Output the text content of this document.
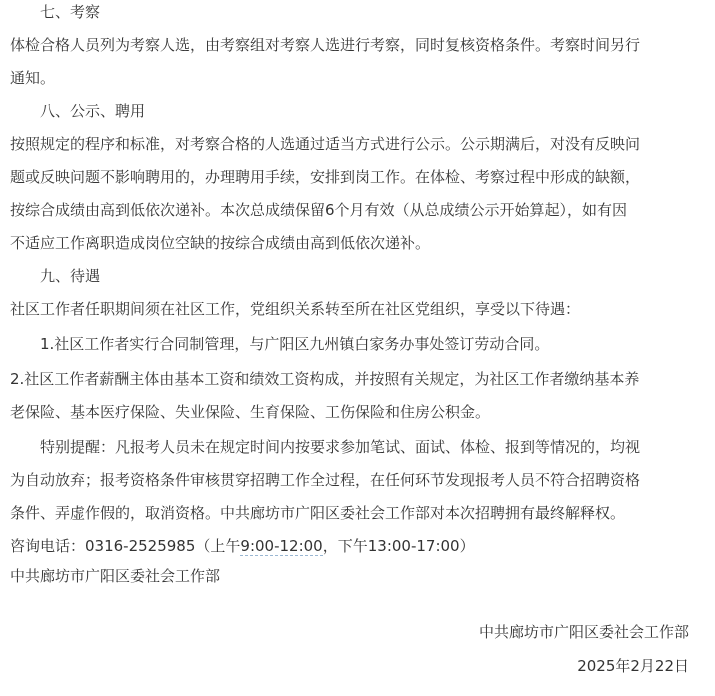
七、考察
体检合格人员列为考察人选，由考察组对考察人选进行考察，同时复核资格条件。考察时间另行
通知。
八、公示、聘用
按照规定的程序和标准，对考察合格的人选通过适当方式进行公示。公示期满后，对没有反映问
题或反映问题不影响聘用的，办理聘用手续，安排到岗工作。在体检、考察过程中形成的缺额，
按综合成绩由高到低依次递补。本次总成绩保留6个月有效（从总成绩公示开始算起），如有因
不适应工作离职造成岗位空缺的按综合成绩由高到低依次递补。
九、待遇
社区工作者任职期间须在社区工作，党组织关系转至所在社区党组织，享受以下待遇：
1.社区工作者实行合同制管理，与广阳区九州镇白家务办事处签订劳动合同。
2.社区工作者薪酬主体由基本工资和绩效工资构成，并按照有关规定，为社区工作者缴纳基本养
老保险、基本医疗保险、失业保险、生育保险、工伤保险和住房公积金。
特别提醒：凡报考人员未在规定时间内按要求参加笔试、面试、体检、报到等情况的，均视
为自动放弃；报考资格条件审核贯穿招聘工作全过程，在任何环节发现报考人员不符合招聘资格
条件、弄虚作假的，取消资格。中共廊坊市广阳区委社会工作部对本次招聘拥有最终解释权。
咨询电话：0316-2525985（上午9:00-12:00，下午13:00-17:00）
中共廊坊市广阳区委社会工作部
中共廊坊市广阳区委社会工作部
2025年2月22日
